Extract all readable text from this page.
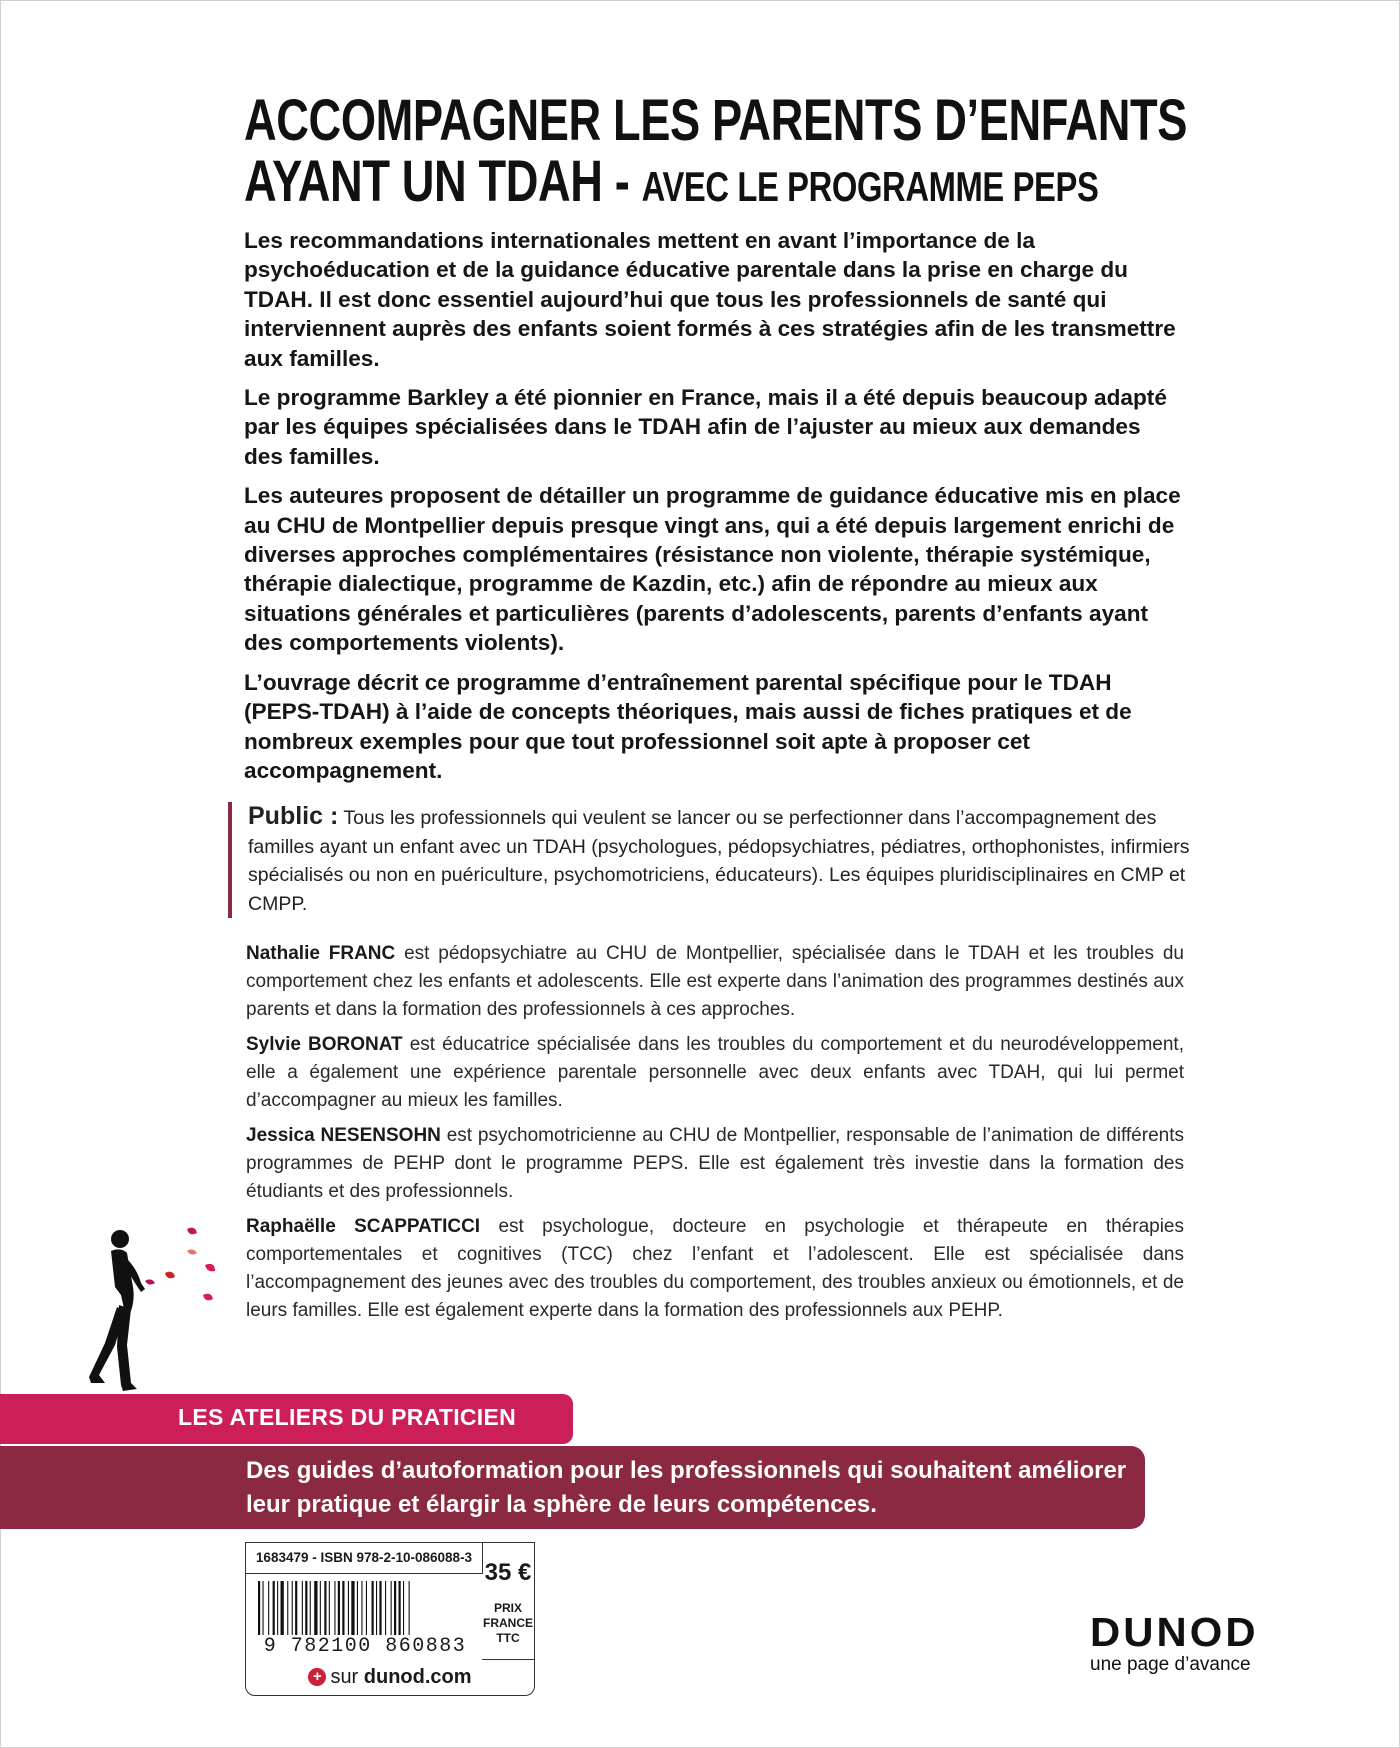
ACCOMPAGNER LES PARENTS D’ENFANTS
AYANT UN TDAH - AVEC LE PROGRAMME PEPS

Les recommandations internationales mettent en avant l’importance de la psychoéducation et de la guidance éducative parentale dans la prise en charge du TDAH. Il est donc essentiel aujourd’hui que tous les professionnels de santé qui interviennent auprès des enfants soient formés à ces stratégies afin de les transmettre aux familles.

Le programme Barkley a été pionnier en France, mais il a été depuis beaucoup adapté par les équipes spécialisées dans le TDAH afin de l’ajuster au mieux aux demandes des familles.

Les auteures proposent de détailler un programme de guidance éducative mis en place au CHU de Montpellier depuis presque vingt ans, qui a été depuis largement enrichi de diverses approches complémentaires (résistance non violente, thérapie systémique, thérapie dialectique, programme de Kazdin, etc.) afin de répondre au mieux aux situations générales et particulières (parents d’adolescents, parents d’enfants ayant des comportements violents).

L’ouvrage décrit ce programme d’entraînement parental spécifique pour le TDAH (PEPS-TDAH) à l’aide de concepts théoriques, mais aussi de fiches pratiques et de nombreux exemples pour que tout professionnel soit apte à proposer cet accompagnement.

Public : Tous les professionnels qui veulent se lancer ou se perfectionner dans l’accompagnement des familles ayant un enfant avec un TDAH (psychologues, pédopsychiatres, pédiatres, orthophonistes, infirmiers spécialisés ou non en puériculture, psychomotriciens, éducateurs). Les équipes pluridisciplinaires en CMP et CMPP.

Nathalie FRANC est pédopsychiatre au CHU de Montpellier, spécialisée dans le TDAH et les troubles du comportement chez les enfants et adolescents. Elle est experte dans l’animation des programmes destinés aux parents et dans la formation des professionnels à ces approches.

Sylvie BORONAT est éducatrice spécialisée dans les troubles du comportement et du neurodéveloppement, elle a également une expérience parentale personnelle avec deux enfants avec TDAH, qui lui permet d’accompagner au mieux les familles.

Jessica NESENSOHN est psychomotricienne au CHU de Montpellier, responsable de l’animation de différents programmes de PEHP dont le programme PEPS. Elle est également très investie dans la formation des étudiants et des professionnels.

Raphaëlle SCAPPATICCI est psychologue, docteure en psychologie et thérapeute en thérapies comportementales et cognitives (TCC) chez l’enfant et l’adolescent. Elle est spécialisée dans l’accompagnement des jeunes avec des troubles du comportement, des troubles anxieux ou émotionnels, et de leurs familles. Elle est également experte dans la formation des professionnels aux PEHP.

LES ATELIERS DU PRATICIEN
Des guides d’autoformation pour les professionnels qui souhaitent améliorer leur pratique et élargir la sphère de leurs compétences.
1683479 - ISBN 978-2-10-086088-3
35 €
PRIX
FRANCE
TTC
9 782100 860883
+ sur dunod.com
DUNOD
une page d’avance
